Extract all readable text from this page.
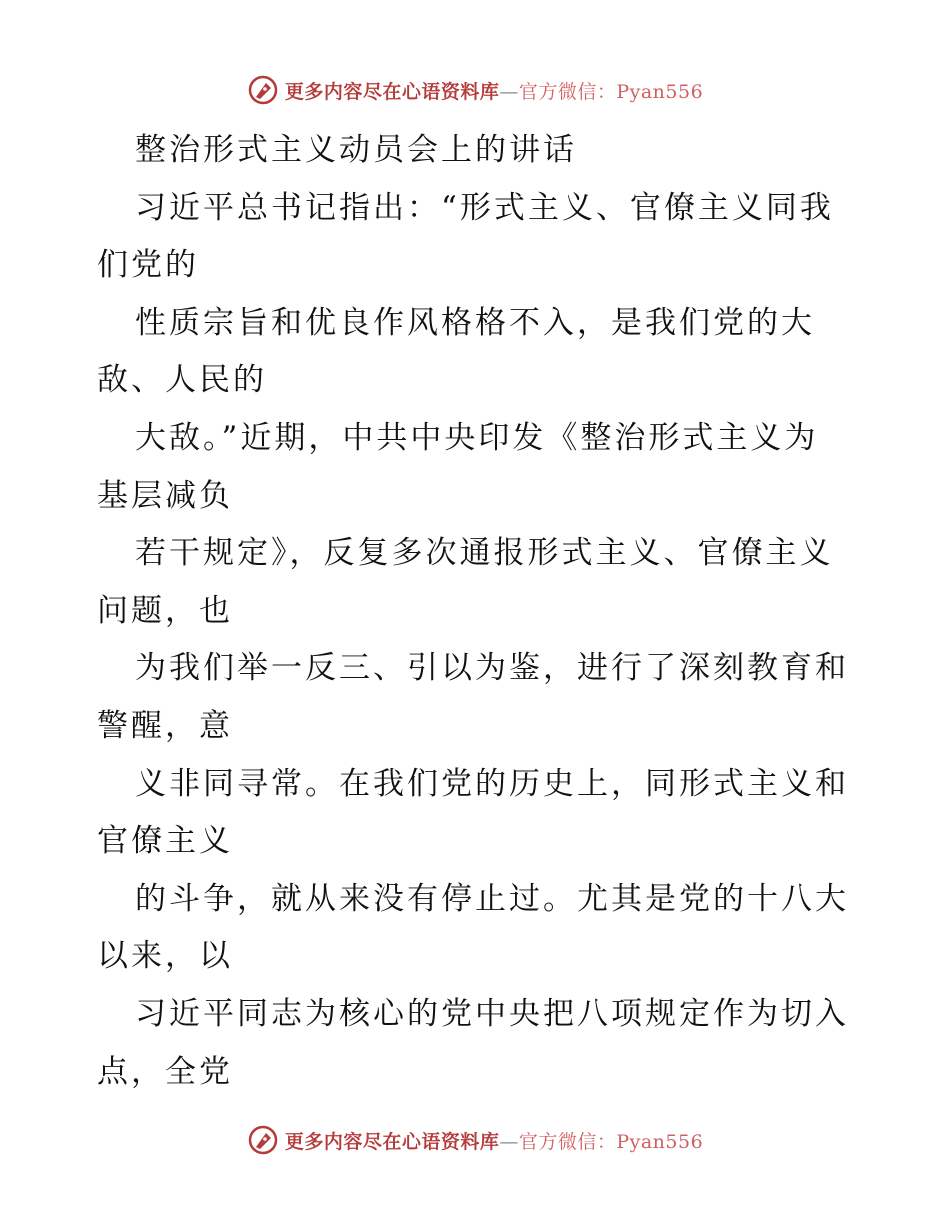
更多内容尽在心语资料库—官方微信：Pyan556
整治形式主义动员会上的讲话
习近平总书记指出：“形式主义、官僚主义同我
们党的
性质宗旨和优良作风格格不入，是我们党的大
敌、人民的
大敌。”近期，中共中央印发《整治形式主义为
基层减负
若干规定》，反复多次通报形式主义、官僚主义
问题，也
为我们举一反三、引以为鉴，进行了深刻教育和
警醒，意
义非同寻常。在我们党的历史上，同形式主义和
官僚主义
的斗争，就从来没有停止过。尤其是党的十八大
以来，以
习近平同志为核心的党中央把八项规定作为切入
点，全党
更多内容尽在心语资料库—官方微信：Pyan556
